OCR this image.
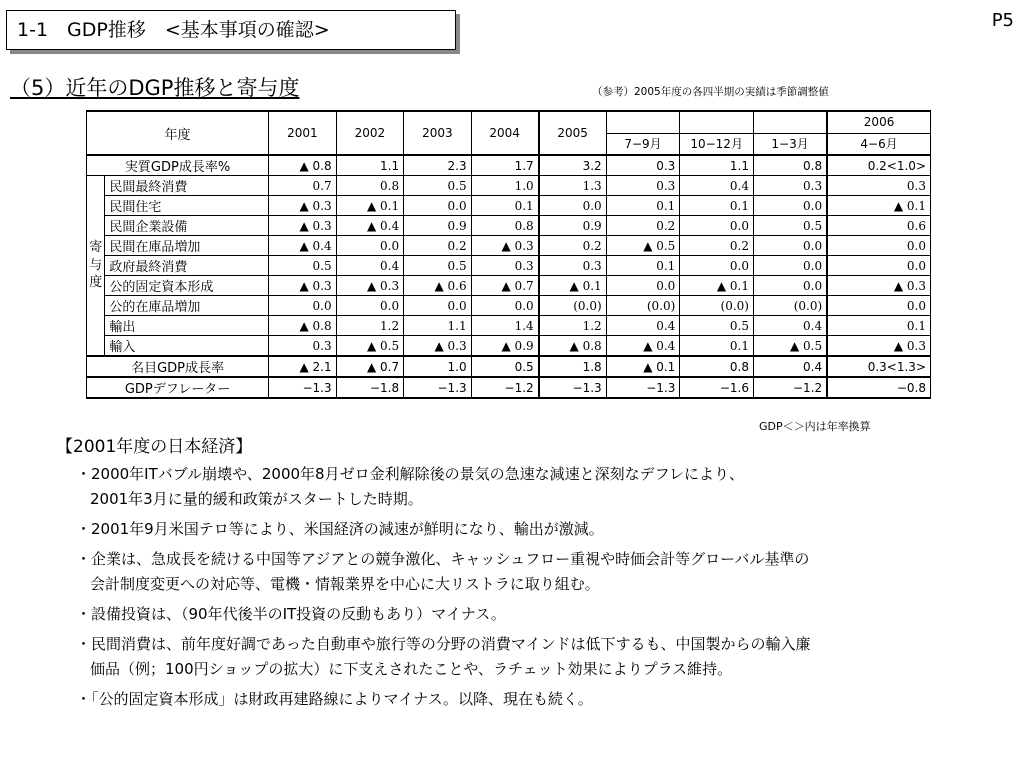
1-1　GDP推移　<基本事項の確認>	P5
（5）近年のDGP推移と寄与度	（参考）2005年度の各四半期の実績は季節調整値
年度		2001	2002	2003	2004	2005				2006
							7−9月	10−12月	1−3月	4−6月
実質GDP成長率%		▲ 0.8	1.1	2.3	1.7	3.2	0.3	1.1	0.8	0.2<1.0>

寄
与
度	民間最終消費	0.7	0.8	0.5	1.0	1.3	0.3	0.4	0.3	0.3
	民間住宅	▲ 0.3	▲ 0.1	0.0	0.1	0.0	0.1	0.1	0.0	▲ 0.1
	民間企業設備	▲ 0.3	▲ 0.4	0.9	0.8	0.9	0.2	0.0	0.5	0.6
	民間在庫品増加	▲ 0.4	0.0	0.2	▲ 0.3	0.2	▲ 0.5	0.2	0.0	0.0
	政府最終消費	0.5	0.4	0.5	0.3	0.3	0.1	0.0	0.0	0.0
	公的固定資本形成	▲ 0.3	▲ 0.3	▲ 0.6	▲ 0.7	▲ 0.1	0.0	▲ 0.1	0.0	▲ 0.3
	公的在庫品増加	0.0	0.0	0.0	0.0	(0.0)	(0.0)	(0.0)	(0.0)	0.0
	輸出	▲ 0.8	1.2	1.1	1.4	1.2	0.4	0.5	0.4	0.1
	輸入	0.3	▲ 0.5	▲ 0.3	▲ 0.9	▲ 0.8	▲ 0.4	0.1	▲ 0.5	▲ 0.3
名目GDP成長率		▲ 2.1	▲ 0.7	1.0	0.5	1.8	▲ 0.1	0.8	0.4	0.3<1.3>
GDPデフレーター		−1.3	−1.8	−1.3	−1.2	−1.3	−1.3	−1.6	−1.2	−0.8
GDP＜＞内は年率換算
【2001年度の日本経済】
・2000年ITバブル崩壊や、2000年8月ゼロ金利解除後の景気の急速な減速と深刻なデフレにより、
2001年3月に量的緩和政策がスタートした時期。
・2001年9月米国テロ等により、米国経済の減速が鮮明になり、輸出が激減。
・企業は、急成長を続ける中国等アジアとの競争激化、キャッシュフロー重視や時価会計等グローバル基準の
会計制度変更への対応等、電機・情報業界を中心に大リストラに取り組む。
・設備投資は、（90年代後半のIT投資の反動もあり）マイナス。
・民間消費は、前年度好調であった自動車や旅行等の分野の消費マインドは低下するも、中国製からの輸入廉
価品（例；100円ショップの拡大）に下支えされたことや、ラチェット効果によりプラス維持。
・「公的固定資本形成」は財政再建路線によりマイナス。以降、現在も続く。
